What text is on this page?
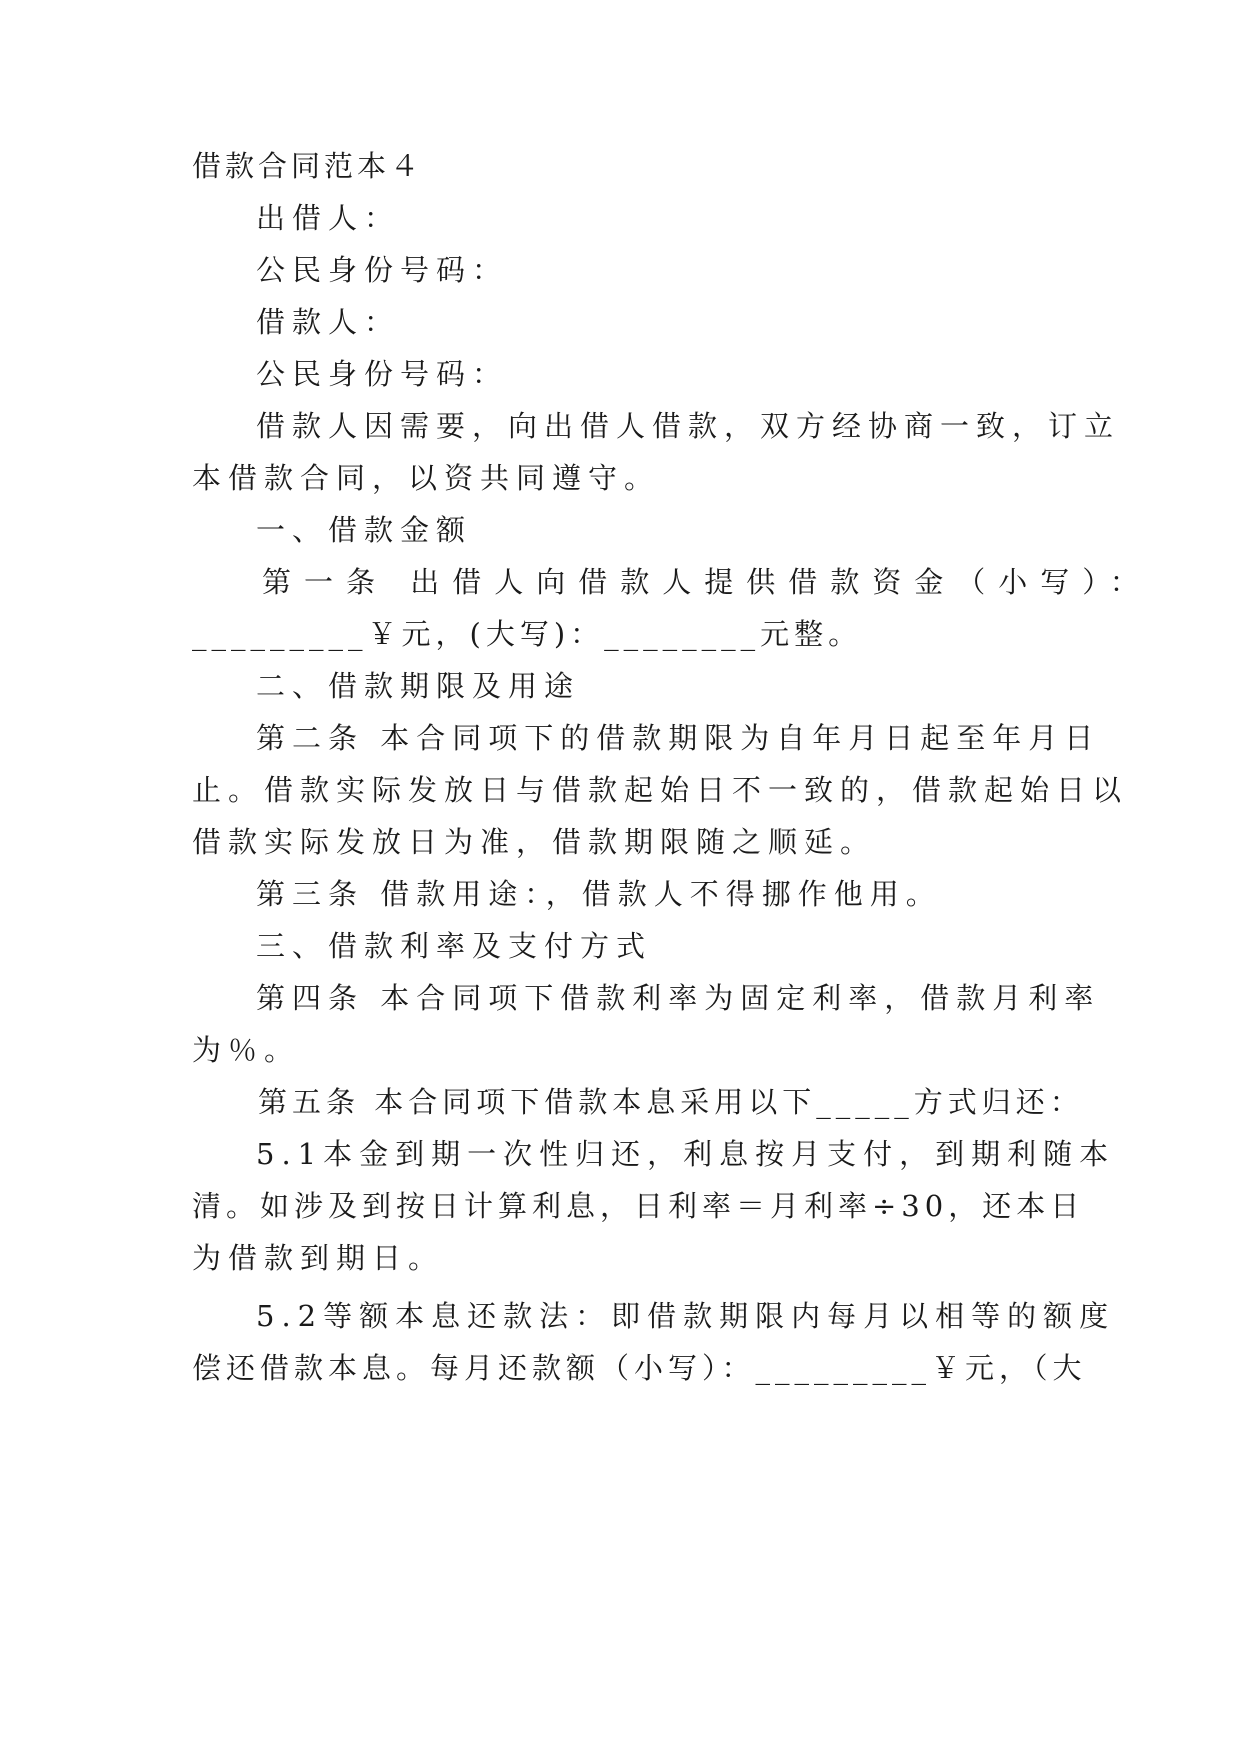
借款合同范本４
出借人：
公民身份号码：
借款人：
公民身份号码：
借款人因需要，向出借人借款，双方经协商一致，订立
本借款合同，以资共同遵守。
一、借款金额
第一条 出借人向借款人提供借款资金（小写）：
_________￥元，(大写)：________元整。
二、借款期限及用途
第二条 本合同项下的借款期限为自年月日起至年月日
止。借款实际发放日与借款起始日不一致的，借款起始日以
借款实际发放日为准，借款期限随之顺延。
第三条 借款用途：，借款人不得挪作他用。
三、借款利率及支付方式
第四条 本合同项下借款利率为固定利率，借款月利率
为％。
第五条 本合同项下借款本息采用以下_____方式归还：
5.1本金到期一次性归还，利息按月支付，到期利随本
清。如涉及到按日计算利息，日利率＝月利率÷30，还本日
为借款到期日。
5.2等额本息还款法：即借款期限内每月以相等的额度
偿还借款本息。每月还款额（小写）：_________￥元，（大
